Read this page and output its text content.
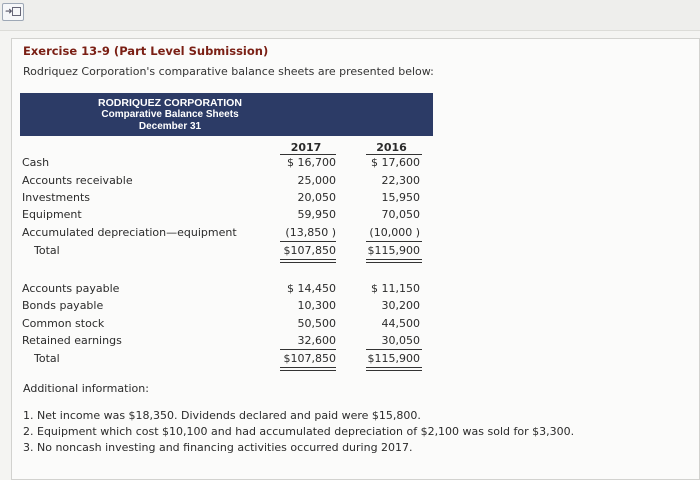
➜
Exercise 13-9 (Part Level Submission)
Rodriquez Corporation's comparative balance sheets are presented below:
RODRIQUEZ CORPORATION
Comparative Balance Sheets
December 31
2017	2016
Cash	$ 16,700	$ 17,600
Accounts receivable	25,000	22,300
Investments	20,050	15,950
Equipment	59,950	70,050
Accumulated depreciation—equipment	(13,850 )	(10,000 )
Total	$107,850	$115,900
Accounts payable	$ 14,450	$ 11,150
Bonds payable	10,300	30,200
Common stock	50,500	44,500
Retained earnings	32,600	30,050
Total	$107,850	$115,900
Additional information:
1. Net income was $18,350. Dividends declared and paid were $15,800.
2. Equipment which cost $10,100 and had accumulated depreciation of $2,100 was sold for $3,300.
3. No noncash investing and financing activities occurred during 2017.
